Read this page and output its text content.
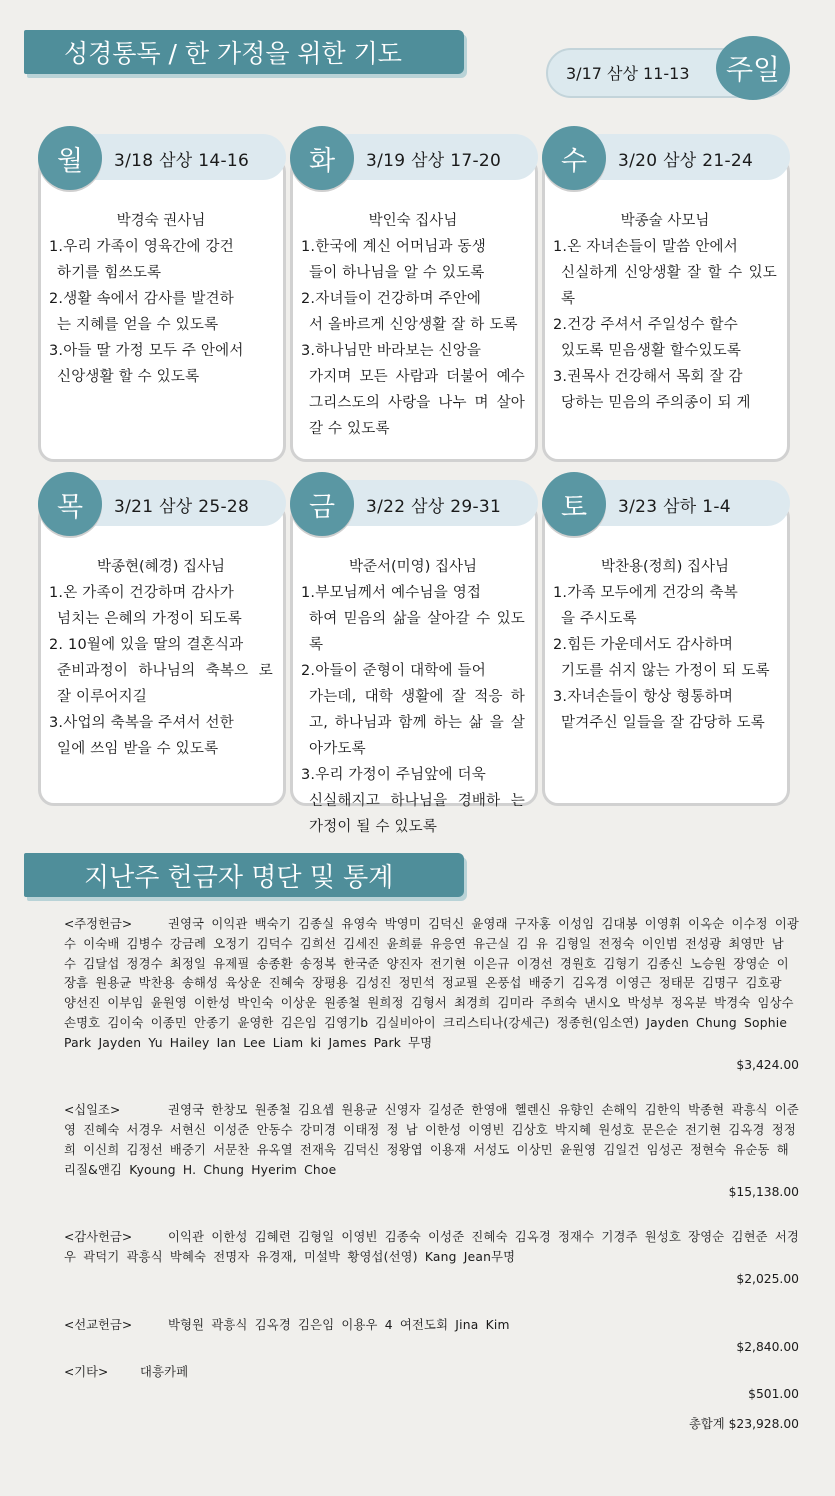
성경통독 / 한 가정을 위한 기도
3/17 삼상 11-13	주일
박경숙 권사님
1.우리 가족이 영육간에 강건
하기를 힘쓰도록
2.생활 속에서 감사를 발견하
는 지혜를 얻을 수 있도록
3.아들 딸 가정 모두 주 안에서
신앙생활 할 수 있도록
3/18 삼상 14-16
월
박인숙 집사님
1.한국에 계신 어머님과 동생
들이 하나님을 알 수 있도록
2.자녀들이 건강하며 주안에
서 올바르게 신앙생활 잘 하 도록
3.하나님만 바라보는 신앙을
가지며 모든 사람과 더불어 예수 그리스도의 사랑을 나누 며 살아갈 수 있도록
3/19 삼상 17-20
화
박종술 사모님
1.온 자녀손들이 말씀 안에서
신실하게 신앙생활 잘 할 수 있도록
2.건강 주셔서 주일성수 할수
있도록 믿음생활 할수있도록
3.권목사 건강해서 목회 잘 감
당하는 믿음의 주의종이 되 게
3/20 삼상 21-24
수
박종현(혜경) 집사님
1.온 가족이 건강하며 감사가
넘치는 은혜의 가정이 되도록
2. 10월에 있을 딸의 결혼식과
준비과정이 하나님의 축복으 로 잘 이루어지길
3.사업의 축복을 주셔서 선한
일에 쓰임 받을 수 있도록
3/21 삼상 25-28
목
박준서(미영) 집사님
1.부모님께서 예수님을 영접
하여 믿음의 삶을 살아갈 수 있도록
2.아들이 준형이 대학에 들어
가는데, 대학 생활에 잘 적응 하고, 하나님과 함께 하는 삶 을 살아가도록
3.우리 가정이 주님앞에 더욱
신실해지고 하나님을 경배하 는 가정이 될 수 있도록
3/22 삼상 29-31
금
박찬용(정희) 집사님
1.가족 모두에게 건강의 축복
을 주시도록
2.힘든 가운데서도 감사하며
기도를 쉬지 않는 가정이 되 도록
3.자녀손들이 항상 형통하며
맡겨주신 일들을 잘 감당하 도록
3/23 삼하 1-4
토
지난주 헌금자 명단 및 통계
<주정헌금>	권영국 이익관 백숙기 김종실 유영숙 박영미 김덕신 윤영래 구자홍 이성임 김대봉 이영휘 이옥순 이수정 이광수 이숙배 김병수 강금례 오정기 김덕수 김희선 김세진 윤희륜 유응연 유근실 김 유 김형일 전정숙 이인범 전성광 최영만 남 수 김달섭 정경수 최정일 유제필 송종환 송정복 한국준 양진자 전기현 이은규 이경선 경원호 김형기 김종신 노승원 장영순 이장흠 원용균 박찬용 송해성 육상운 진혜숙 장평용 김성진 정민석 정교필 온풍섭 배중기 김옥경 이영근 정태문 김명구 김호광 양선진 이부임 윤원영 이한성 박인숙 이상운 원종철 원희정 김형서 최경희 김미라 주희숙 낸시오 박성부 정옥분 박경숙 임상수 손명호 김이숙 이종민 안종기 윤영한 김은임 김영기b 김실비아이 크리스티나(강세근) 정종헌(임소연) Jayden Chung Sophie Park Jayden Yu Hailey Ian Lee Liam ki James Park 무명
$3,424.00
<십일조>	권영국 한창모 원종철 김요셉 원용균 신영자 길성준 한영애 헬렌신 유향인 손해익 김한익 박종현 곽흥식 이준영 진혜숙 서경우 서현신 이성준 안동수 강미경 이태정 정 남 이한성 이영빈 김상호 박지혜 원성호 문은순 전기현 김옥경 정정희 이신희 김정선 배중기 서문찬 유옥열 전재욱 김덕신 정왕엽 이용재 서성도 이상민 윤원영 김일건 임성곤 정현숙 유순동 해리질&앤김 Kyoung H. Chung Hyerim Choe
$15,138.00
<감사헌금>	이익관 이한성 김혜련 김형일 이영빈 김종숙 이성준 진혜숙 김옥경 정재수 기경주 원성호 장영순 김현준 서경우 곽덕기 곽흥식 박혜숙 전명자 유경재, 미설박 황영섭(선영) Kang Jean무명
$2,025.00
<선교헌금>	박형원 곽흥식 김옥경 김은임 이용우 4 여전도회 Jina Kim
$2,840.00
<기타>	대흥카페
$501.00
총합계 $23,928.00
